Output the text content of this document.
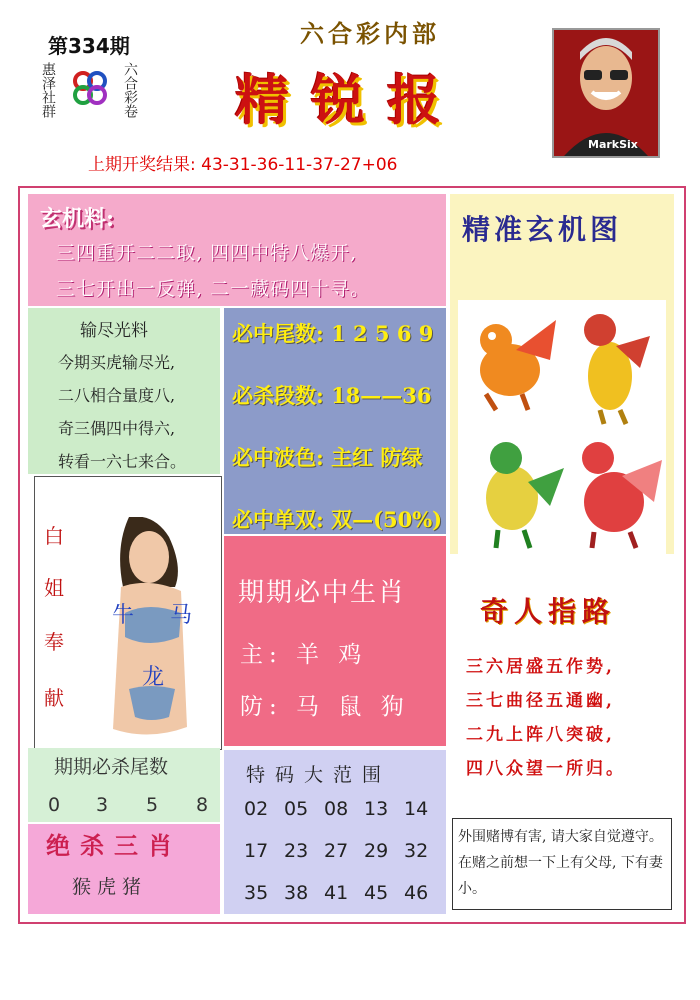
第334期
惠泽社群	六合彩卷
六合彩内部
精锐报
上期开奖结果: 43-31-36-11-37-27+06
MarkSix
玄机料:
三四重开二二取, 四四中特八爆开,
三七开出一反弹, 二一藏码四十寻。
精准玄机图
输尽光料
今期买虎输尽光,
二八相合量度八,
奇三偶四中得六,
转看一六七来合。
必中尾数: 1 2 5 6 9
必杀段数: 18——36
必中波色: 主红 防绿
必中单双: 双—(50%)
白
姐
奉
献
牛 马
龙
期期必中生肖
主: 羊 鸡
防: 马 鼠 狗
奇人指路
三六居盛五作势,
三七曲径五通幽,
二九上阵八突破,
四八众望一所归。
期期必杀尾数
0 3 5 8
绝杀三肖
猴虎猪
特码大范围
02 05 08 13 14
17 23 27 29 32
35 38 41 45 46
外围赌博有害, 请大家自觉遵守。在赌之前想一下上有父母, 下有妻小。
